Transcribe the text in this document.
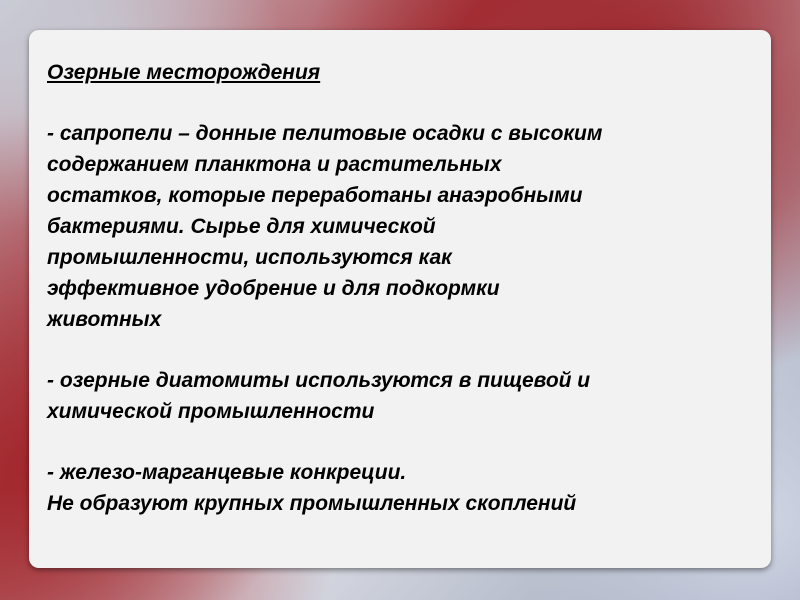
Озерные месторождения

- сапропели – донные пелитовые осадки с высоким
содержанием планктона и растительных
остатков, которые переработаны анаэробными
бактериями. Сырье для химической
промышленности, используются как
эффективное удобрение и для подкормки
животных

- озерные диатомиты используются в пищевой и
химической промышленности

- железо-марганцевые конкреции.
Не образуют крупных промышленных скоплений
